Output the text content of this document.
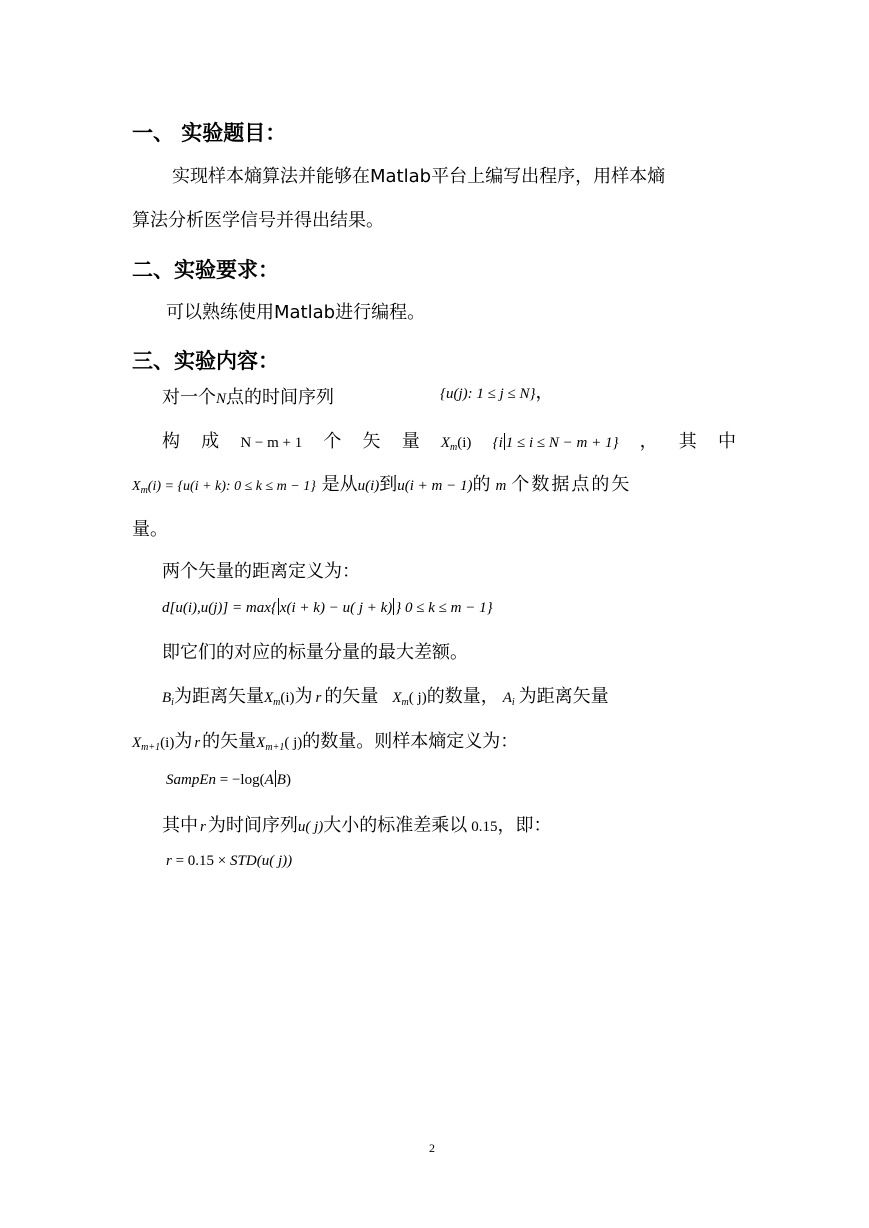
一、 实验题目：
实现样本熵算法并能够在Matlab平台上编写出程序，用样本熵
算法分析医学信号并得出结果。
二、实验要求：
可以熟练使用Matlab进行编程。
三、实验内容：
对一个N点的时间序列	{u(j): 1 ≤ j ≤ N}，
构 成 N − m + 1 个 矢 量 $X_m(i)$ {i 1 ≤ i ≤ N − m + 1} ， 其 中
$X_m(i) = \{u(i + k)$: 0 ≤ k ≤ m − 1} 是从u(i)到u(i + m − 1)的 m 个数据点的矢
量。
两个矢量的距离定义为：
d[u(i),u(j)] = max{ x(i + k) − u( j + k) } 0 ≤ k ≤ m − 1}
即它们的对应的标量分量的最大差额。
$B_i$为距离矢量$X_m(i)$为 r 的矢量 $X_m$( j)的数量， $A_i$ 为距离矢量
$X_{m+1}(i)$为 r 的矢量$X_{m+1}$( j)的数量。则样本熵定义为：
SampEn = −log(A B)
其中 r 为时间序列u( j)大小的标准差乘以 0.15，即：
r = 0.15 × STD(u( j))
2
